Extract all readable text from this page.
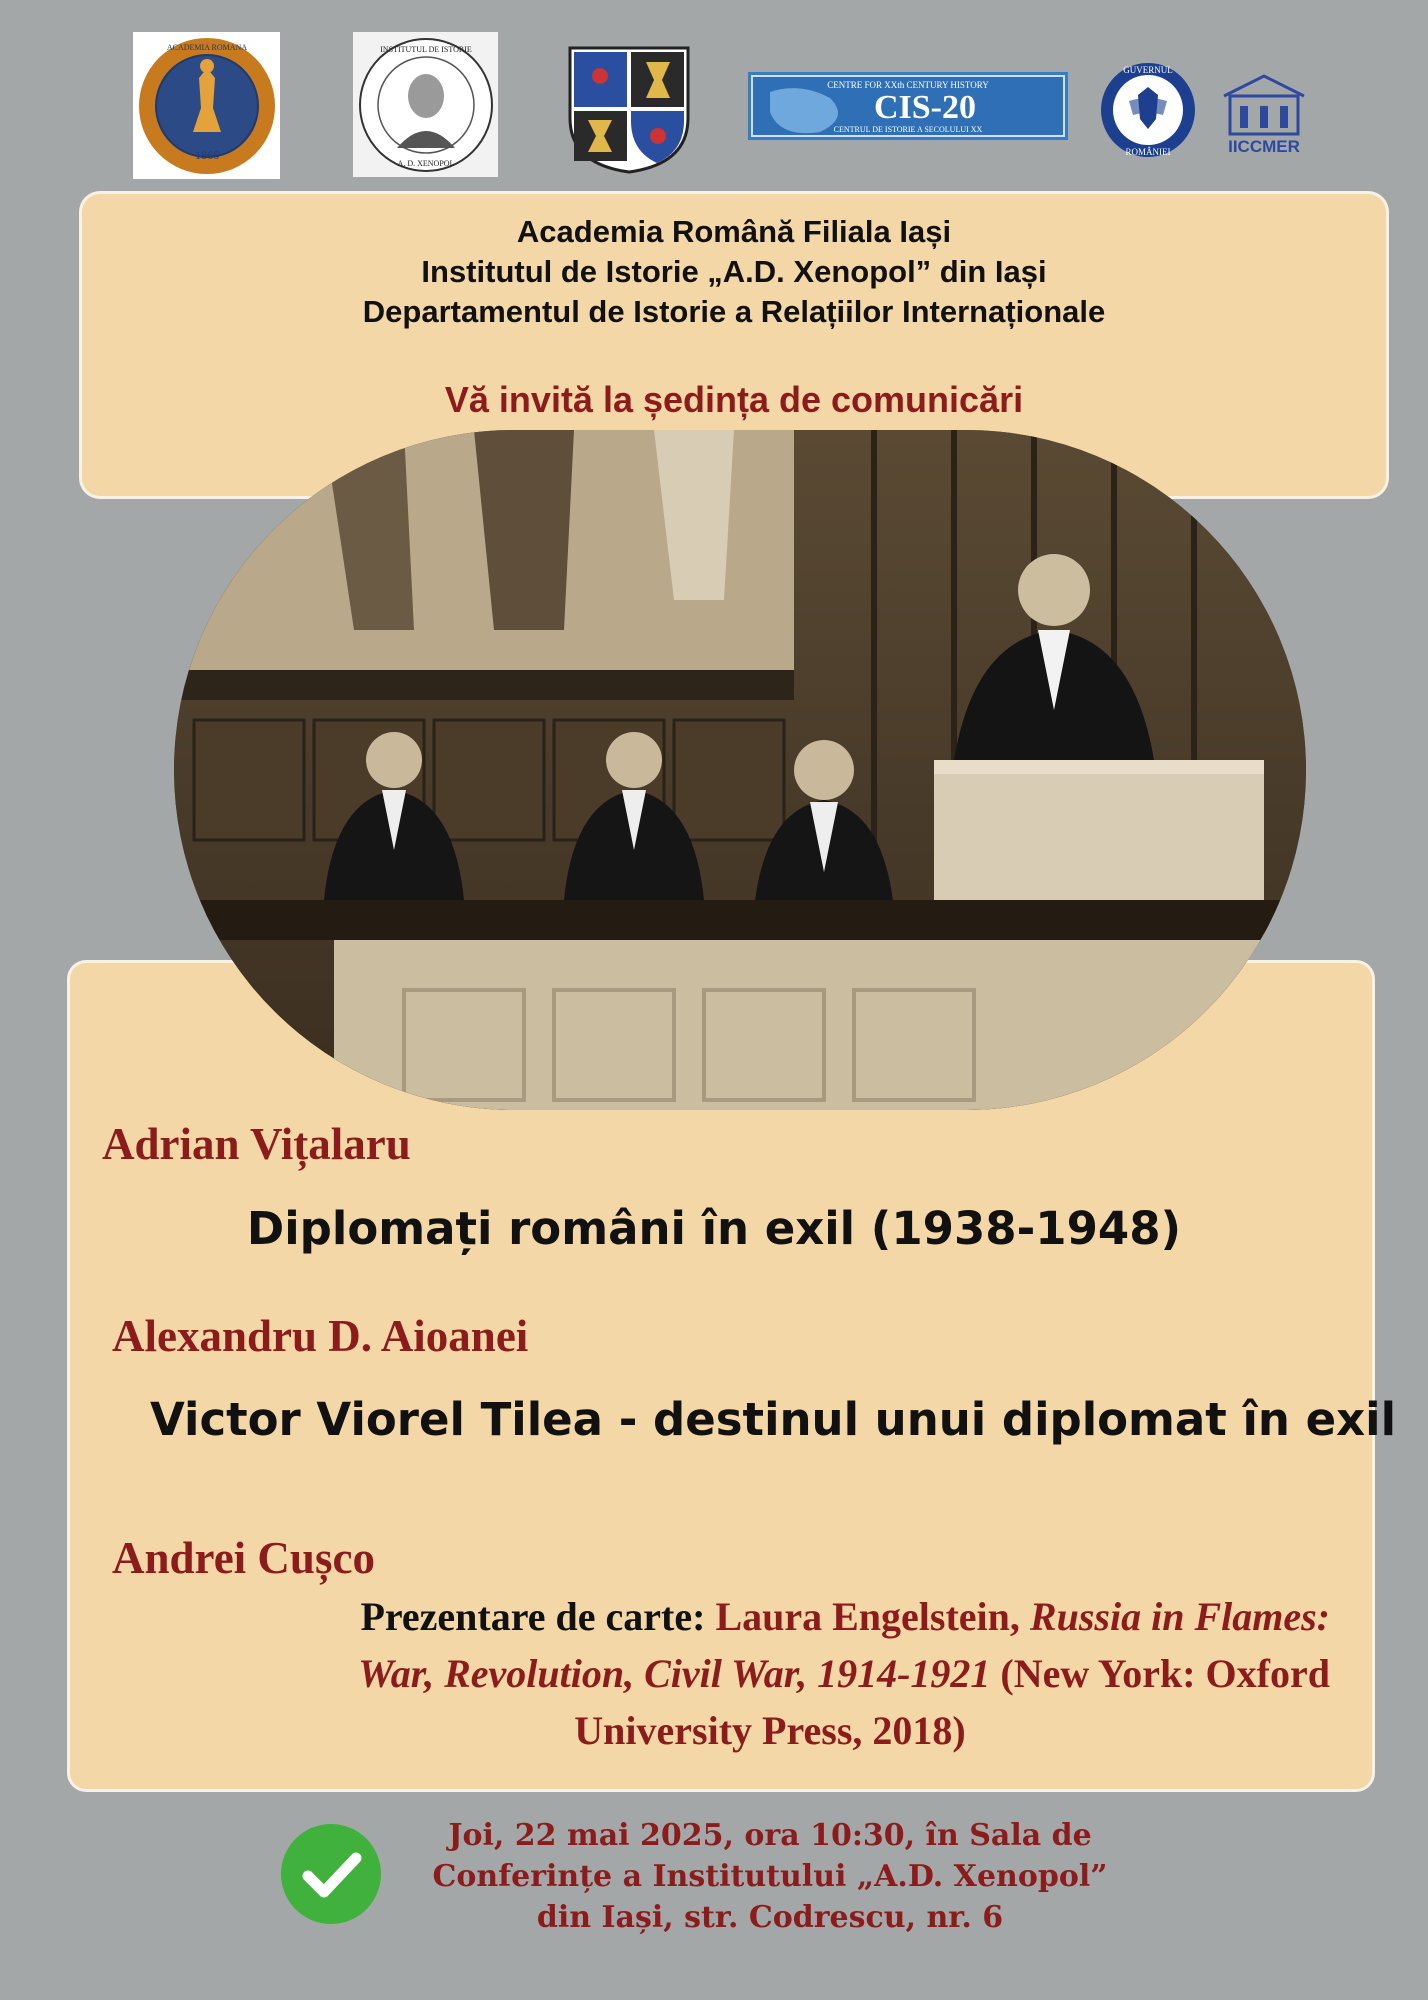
1866
ACADEMIA ROMANA	INSTITUTUL DE ISTORIE
A. D. XENOPOL
CENTRE FOR XXth CENTURY HISTORY
CIS-20
CENTRUL DE ISTORIE A SECOLULUI XX
GUVERNUL
ROMÂNIEI	IICCMER
Academia Română Filiala Iași
Institutul de Istorie „A.D. Xenopol” din Iași
Departamentul de Istorie a Relațiilor Internaționale
Vă invită la ședința de comunicări
Adrian Vițalaru
Diplomați români în exil (1938-1948)
Alexandru D. Aioanei
Victor Viorel Tilea - destinul unui diplomat în exil
Andrei Cușco
Prezentare de carte: Laura Engelstein, Russia in Flames:
War, Revolution, Civil War, 1914-1921 (New York: Oxford
University Press, 2018)
Joi, 22 mai 2025, ora 10:30, în Sala de
Conferințe a Institutului „A.D. Xenopol”
din Iași, str. Codrescu, nr. 6
